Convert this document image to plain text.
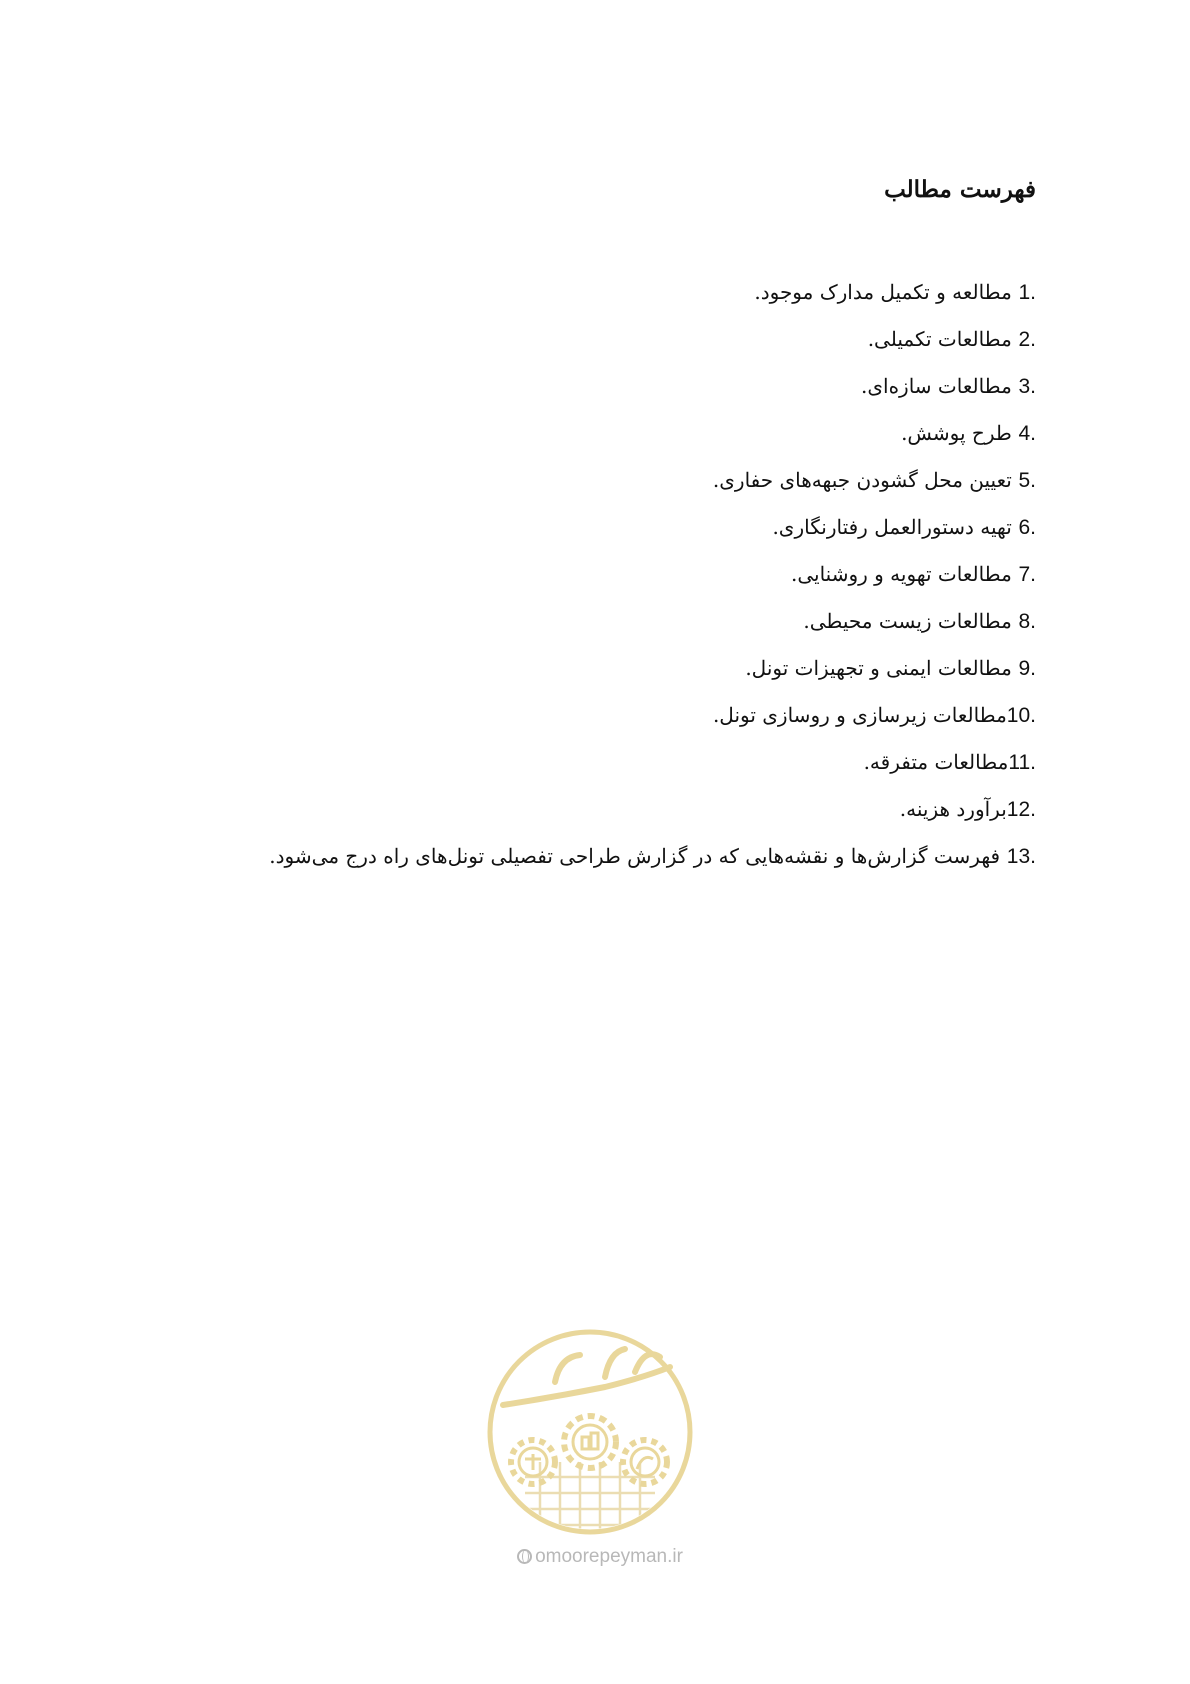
فهرست مطالب
1. مطالعه و تکمیل مدارک موجود.
2. مطالعات تکمیلی.
3. مطالعات سازه‌ای.
4. طرح پوشش.
5. تعیین محل گشودن جبهه‌های حفاری.
6. تهیه دستورالعمل رفتارنگاری.
7. مطالعات تهویه و روشنایی.
8. مطالعات زیست محیطی.
9. مطالعات ایمنی و تجهیزات تونل.
10.مطالعات زیرسازی و روسازی تونل.
11.مطالعات متفرقه.
12.برآورد هزینه.
13. فهرست گزارش‌ها و نقشه‌هایی که در گزارش طراحی تفصیلی تونل‌های راه درج می‌شود.
omoorepeyman.ir
